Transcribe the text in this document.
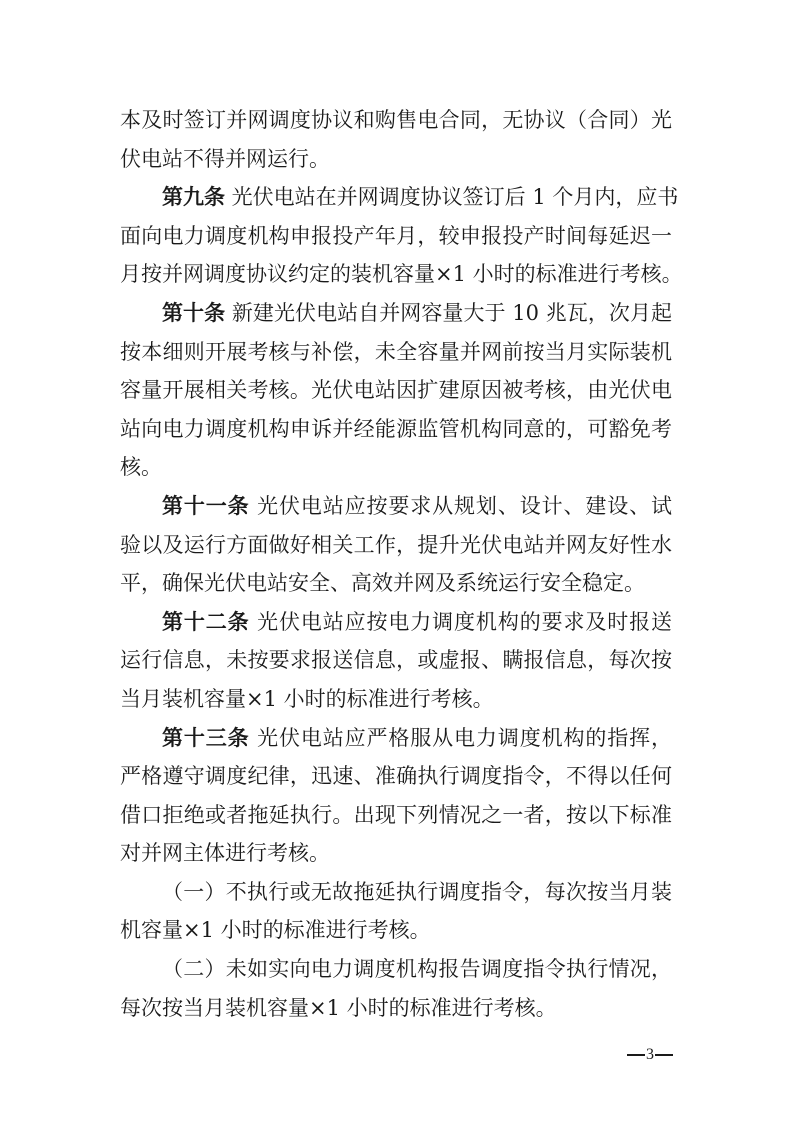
本及时签订并网调度协议和购售电合同，无协议（合同）光
伏电站不得并网运行。
第九条 光伏电站在并网调度协议签订后 1 个月内，应书
面向电力调度机构申报投产年月，较申报投产时间每延迟一
月按并网调度协议约定的装机容量×1 小时的标准进行考核。
第十条 新建光伏电站自并网容量大于 10 兆瓦，次月起
按本细则开展考核与补偿，未全容量并网前按当月实际装机
容量开展相关考核。光伏电站因扩建原因被考核，由光伏电
站向电力调度机构申诉并经能源监管机构同意的，可豁免考
核。
第十一条 光伏电站应按要求从规划、设计、建设、试
验以及运行方面做好相关工作，提升光伏电站并网友好性水
平，确保光伏电站安全、高效并网及系统运行安全稳定。
第十二条 光伏电站应按电力调度机构的要求及时报送
运行信息，未按要求报送信息，或虚报、瞒报信息，每次按
当月装机容量×1 小时的标准进行考核。
第十三条 光伏电站应严格服从电力调度机构的指挥，
严格遵守调度纪律，迅速、准确执行调度指令，不得以任何
借口拒绝或者拖延执行。出现下列情况之一者，按以下标准
对并网主体进行考核。
（一）不执行或无故拖延执行调度指令，每次按当月装
机容量×1 小时的标准进行考核。
（二）未如实向电力调度机构报告调度指令执行情况，
每次按当月装机容量×1 小时的标准进行考核。
3
